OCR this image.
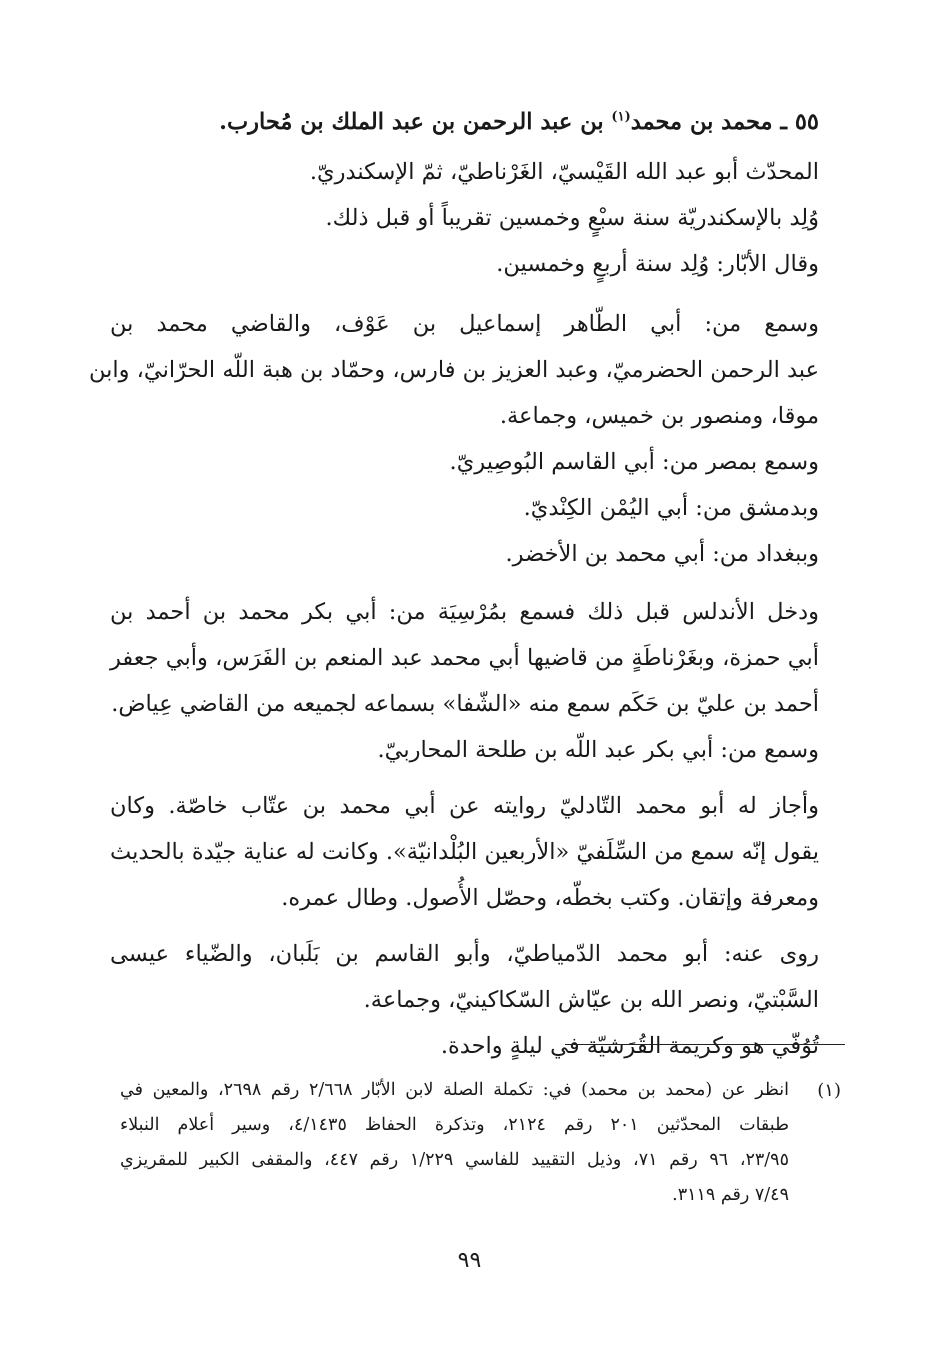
٥٥ ـ محمد بن محمد$^{(١)}$ بن عبد الرحمن بن عبد الملك بن مُحارب.
المحدّث أبو عبد الله القَيْسيّ، الغَرْناطيّ، ثمّ الإسكندريّ.
وُلِد بالإسكندريّة سنة سبْعٍ وخمسين تقريباً أو قبل ذلك.
وقال الأبّار: وُلِد سنة أربعٍ وخمسين.
وسمع من: أبي الطّاهر إسماعيل بن عَوْف، والقاضي محمد بن
عبد الرحمن الحضرميّ، وعبد العزيز بن فارس، وحمّاد بن هبة اللّه الحرّانيّ، وابن
موقا، ومنصور بن خميس، وجماعة.
وسمع بمصر من: أبي القاسم البُوصِيريّ.
وبدمشق من: أبي اليُمْن الكِنْديّ.
وببغداد من: أبي محمد بن الأخضر.
ودخل الأندلس قبل ذلك فسمع بمُرْسِيَة من: أبي بكر محمد بن أحمد بن
أبي حمزة، وبغَرْناطَةٍ من قاضيها أبي محمد عبد المنعم بن الفَرَس، وأبي جعفر
أحمد بن عليّ بن حَكَم سمع منه «الشّفا» بسماعه لجميعه من القاضي عِياض.
وسمع من: أبي بكر عبد اللّه بن طلحة المحاربيّ.
وأجاز له أبو محمد التّادليّ روايته عن أبي محمد بن عتّاب خاصّة. وكان
يقول إنّه سمع من السِّلَفيّ «الأربعين البُلْدانيّة». وكانت له عناية جيّدة بالحديث
ومعرفة وإتقان. وكتب بخطّه، وحصّل الأُصول. وطال عمره.
روى عنه: أبو محمد الدّمياطيّ، وأبو القاسم بن بَلَبان، والضّياء عيسى
السَّبْتيّ، ونصر الله بن عيّاش السّكاكينيّ، وجماعة.
تُوُفّي هو وكريمة القُرَشيّة في ليلةٍ واحدة.
(١)
انظر عن (محمد بن محمد) في: تكملة الصلة لابن الأبّار ٢/٦٦٨ رقم ٢٦٩٨، والمعين في
طبقات المحدّثين ٢٠١ رقم ٢١٢٤، وتذكرة الحفاظ ٤/١٤٣٥، وسير أعلام النبلاء
٢٣/٩٥، ٩٦ رقم ٧١، وذيل التقييد للفاسي ١/٢٢٩ رقم ٤٤٧، والمقفى الكبير للمقريزي
٧/٤٩ رقم ٣١١٩.
٩٩
